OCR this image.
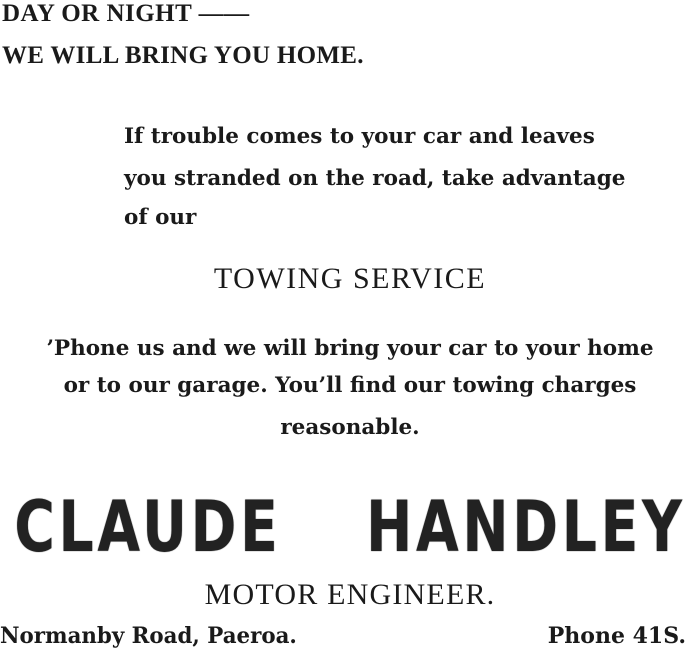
DAY OR NIGHT ——

WE WILL BRING YOU HOME.

If trouble comes to your car and leaves

you stranded on the road, take advantage

of our

TOWING SERVICE

’Phone us and we will bring your car to your home

or to our garage. You’ll find our towing charges

reasonable.

CLAUDE HANDLEY

MOTOR ENGINEER.

Normanby Road, Paeroa.	Phone 41S.
